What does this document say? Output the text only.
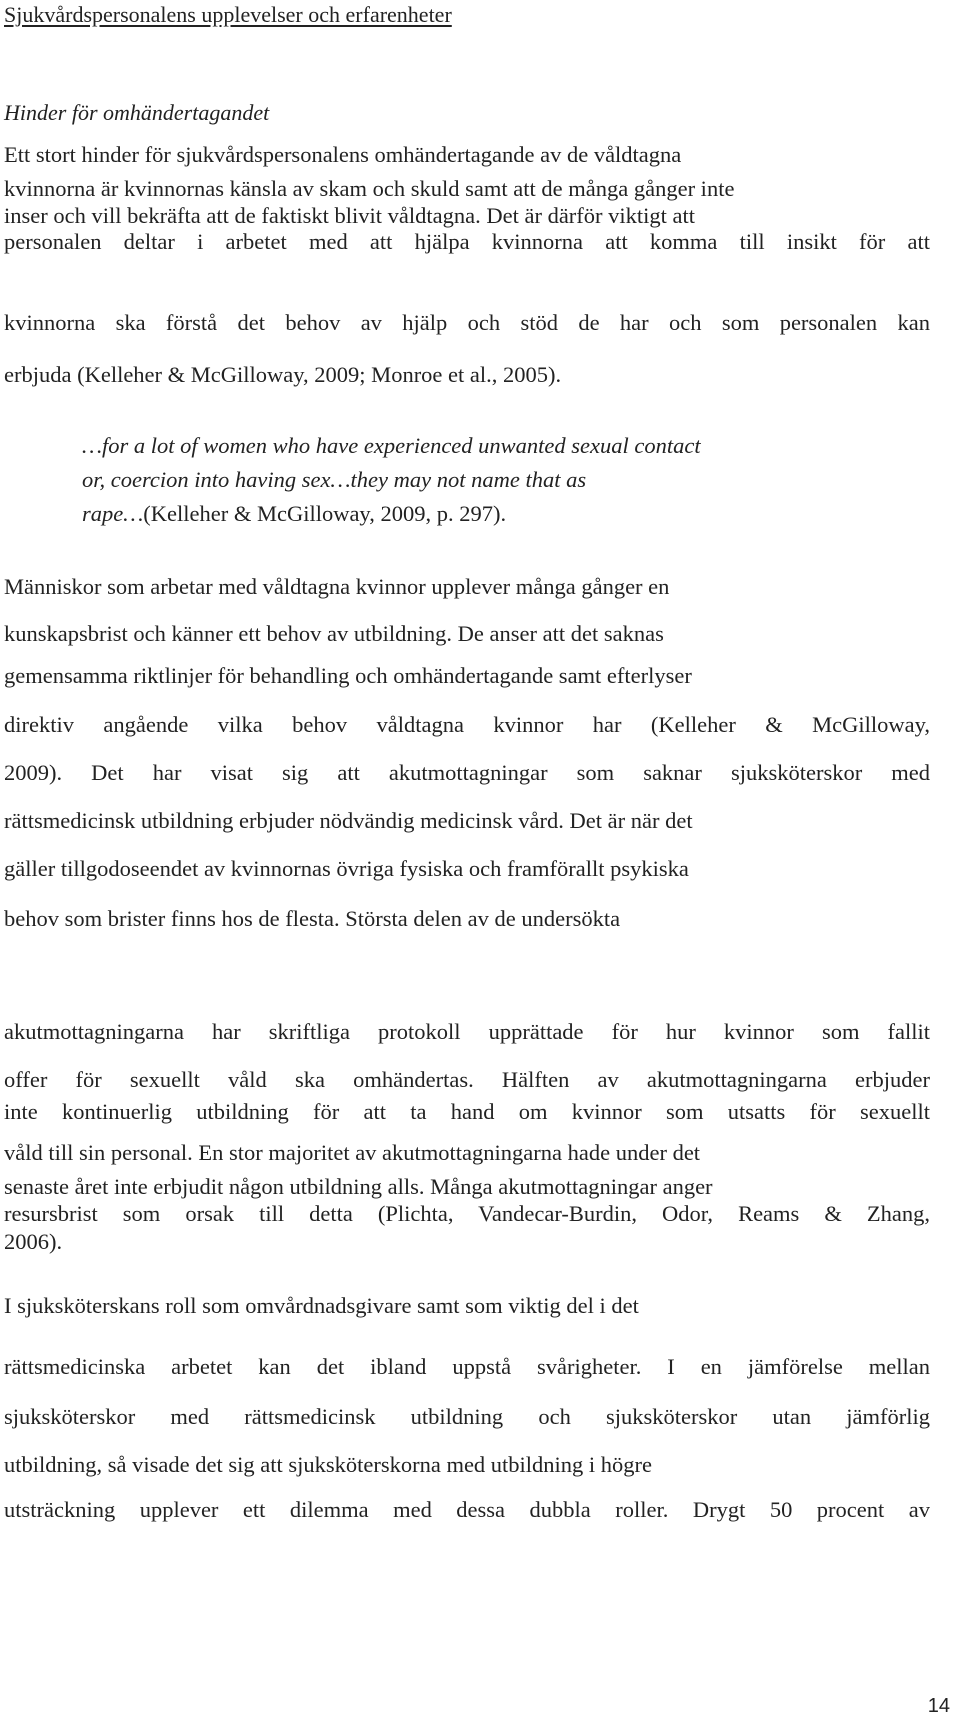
Sjukvårdspersonalens upplevelser och erfarenheter
Hinder för omhändertagandet
Ett stort hinder för sjukvårdspersonalens omhändertagande av de våldtagna
kvinnorna är kvinnornas känsla av skam och skuld samt att de många gånger inte
inser och vill bekräfta att de faktiskt blivit våldtagna. Det är därför viktigt att
personalen deltar i arbetet med att hjälpa kvinnorna att komma till insikt för att
kvinnorna ska förstå det behov av hjälp och stöd de har och som personalen kan
erbjuda (Kelleher & McGilloway, 2009; Monroe et al., 2005).
…for a lot of women who have experienced unwanted sexual contact
or, coercion into having sex…they may not name that as
rape…(Kelleher & McGilloway, 2009, p. 297).
Människor som arbetar med våldtagna kvinnor upplever många gånger en
kunskapsbrist och känner ett behov av utbildning. De anser att det saknas
gemensamma riktlinjer för behandling och omhändertagande samt efterlyser
direktiv angående vilka behov våldtagna kvinnor har (Kelleher & McGilloway,
2009). Det har visat sig att akutmottagningar som saknar sjuksköterskor med
rättsmedicinsk utbildning erbjuder nödvändig medicinsk vård. Det är när det
gäller tillgodoseendet av kvinnornas övriga fysiska och framförallt psykiska
behov som brister finns hos de flesta. Största delen av de undersökta
akutmottagningarna har skriftliga protokoll upprättade för hur kvinnor som fallit
offer för sexuellt våld ska omhändertas. Hälften av akutmottagningarna erbjuder
inte kontinuerlig utbildning för att ta hand om kvinnor som utsatts för sexuellt
våld till sin personal. En stor majoritet av akutmottagningarna hade under det
senaste året inte erbjudit någon utbildning alls. Många akutmottagningar anger
resursbrist som orsak till detta (Plichta, Vandecar-Burdin, Odor, Reams & Zhang,
2006).
I sjuksköterskans roll som omvårdnadsgivare samt som viktig del i det
rättsmedicinska arbetet kan det ibland uppstå svårigheter. I en jämförelse mellan
sjuksköterskor med rättsmedicinsk utbildning och sjuksköterskor utan jämförlig
utbildning, så visade det sig att sjuksköterskorna med utbildning i högre
utsträckning upplever ett dilemma med dessa dubbla roller. Drygt 50 procent av
14
